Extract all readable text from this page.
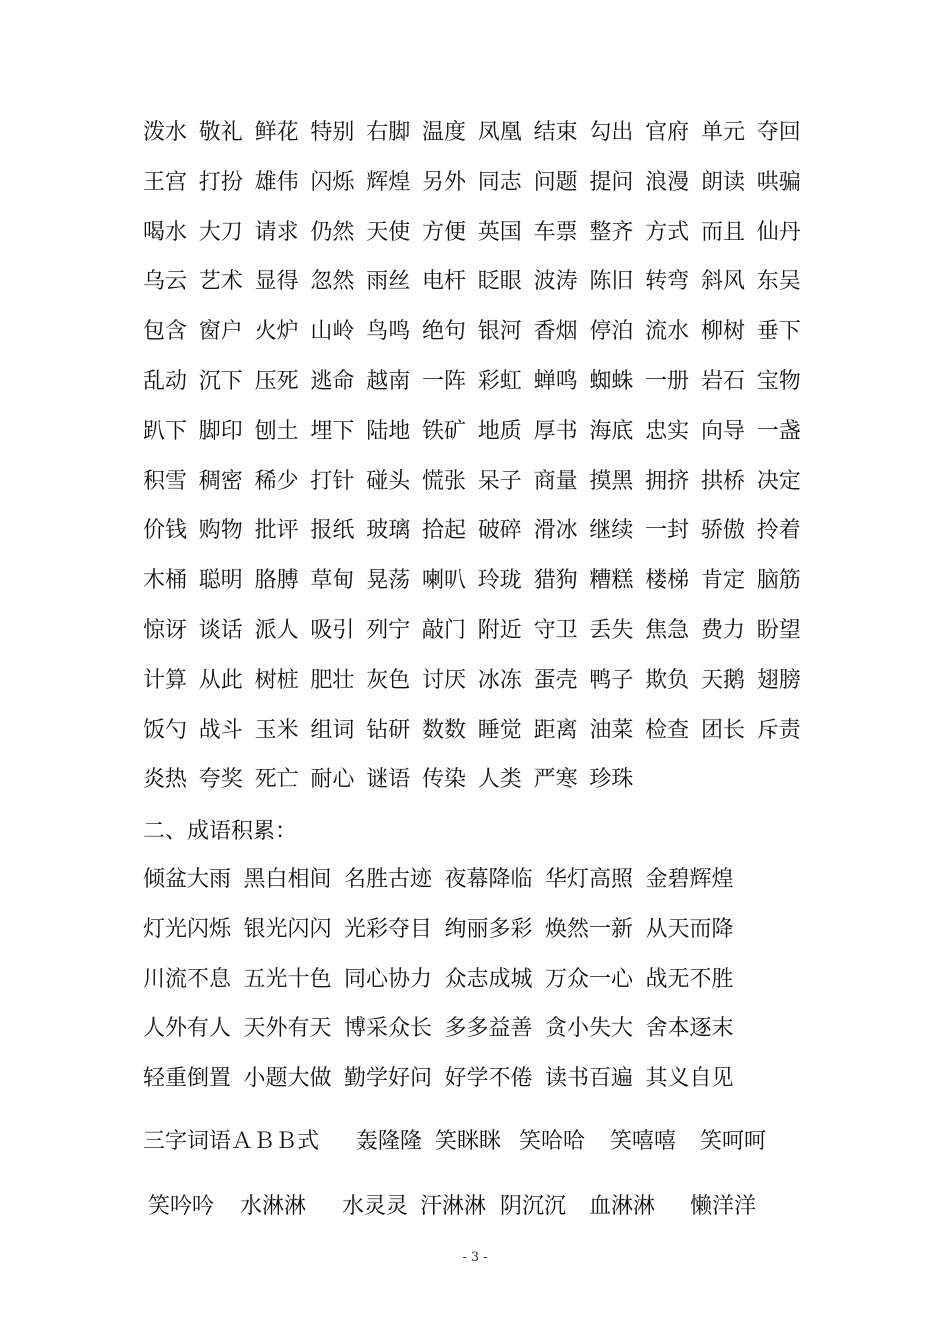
泼水 敬礼 鲜花 特别 右脚 温度 凤凰 结束 勾出 官府 单元 夺回
王宫 打扮 雄伟 闪烁 辉煌 另外 同志 问题 提问 浪漫 朗读 哄骗
喝水 大刀 请求 仍然 天使 方便 英国 车票 整齐 方式 而且 仙丹
乌云 艺术 显得 忽然 雨丝 电杆 眨眼 波涛 陈旧 转弯 斜风 东吴
包含 窗户 火炉 山岭 鸟鸣 绝句 银河 香烟 停泊 流水 柳树 垂下
乱动 沉下 压死 逃命 越南 一阵 彩虹 蝉鸣 蜘蛛 一册 岩石 宝物
趴下 脚印 刨土 埋下 陆地 铁矿 地质 厚书 海底 忠实 向导 一盏
积雪 稠密 稀少 打针 碰头 慌张 呆子 商量 摸黑 拥挤 拱桥 决定
价钱 购物 批评 报纸 玻璃 拾起 破碎 滑冰 继续 一封 骄傲 拎着
木桶 聪明 胳膊 草甸 晃荡 喇叭 玲珑 猎狗 糟糕 楼梯 肯定 脑筋
惊讶 谈话 派人 吸引 列宁 敲门 附近 守卫 丢失 焦急 费力 盼望
计算 从此 树桩 肥壮 灰色 讨厌 冰冻 蛋壳 鸭子 欺负 天鹅 翅膀
饭勺 战斗 玉米 组词 钻研 数数 睡觉 距离 油菜 检查 团长 斥责
炎热 夸奖 死亡 耐心 谜语 传染 人类 严寒 珍珠
二、成语积累：
倾盆大雨 黑白相间 名胜古迹 夜幕降临 华灯高照 金碧辉煌
灯光闪烁 银光闪闪 光彩夺目 绚丽多彩 焕然一新 从天而降
川流不息 五光十色 同心协力 众志成城 万众一心 战无不胜
人外有人 天外有天 博采众长 多多益善 贪小失大 舍本逐末
轻重倒置 小题大做 勤学好问 好学不倦 读书百遍 其义自见
三字词语ＡＢＢ式 轰隆隆 笑眯眯 笑哈哈 笑嘻嘻 笑呵呵
笑吟吟 水淋淋 水灵灵 汗淋淋 阴沉沉 血淋淋 懒洋洋
- 3 -
